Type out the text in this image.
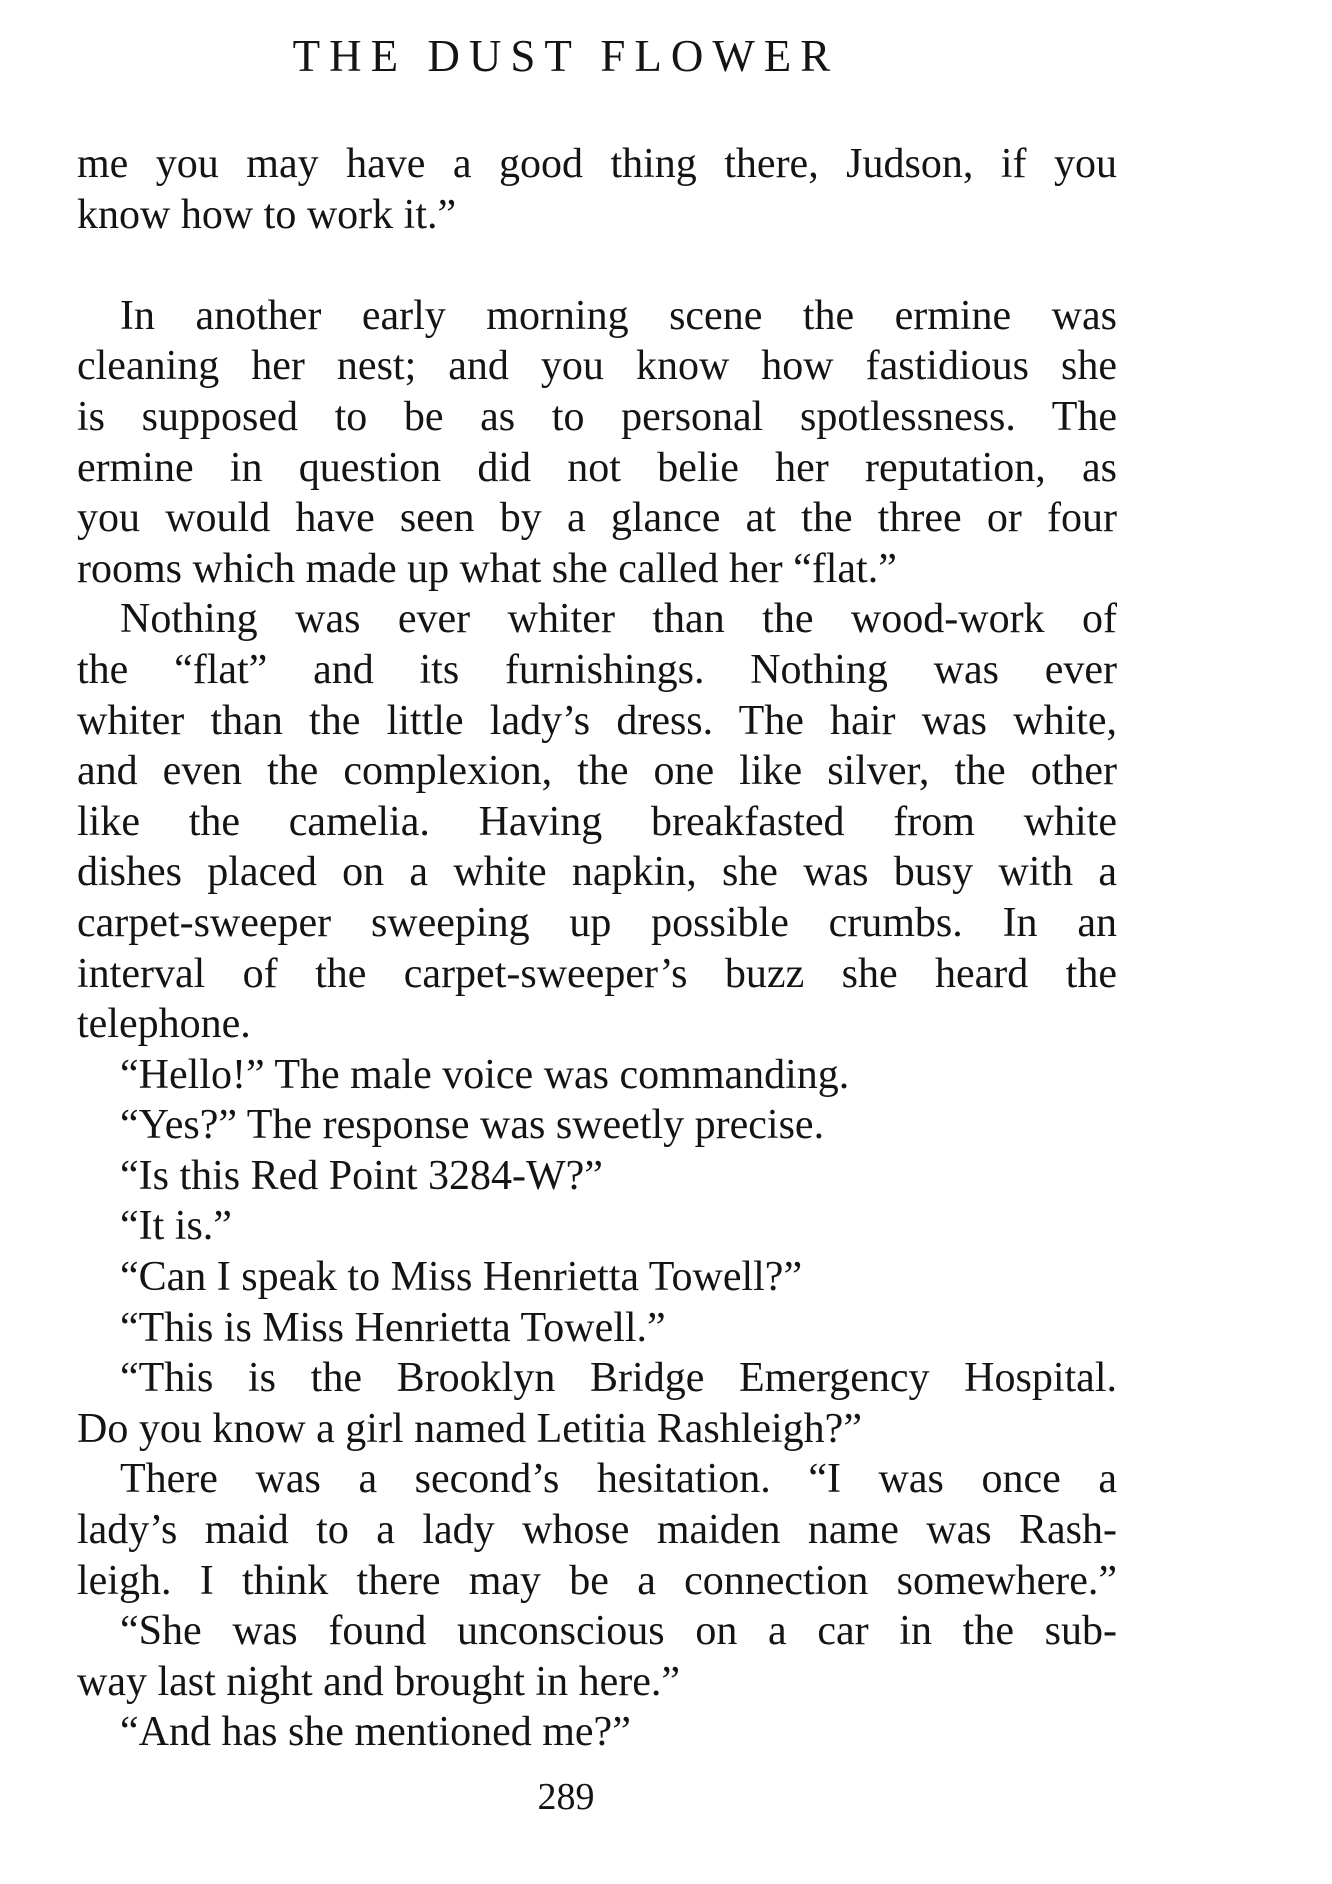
THE DUST FLOWER
me you may have a good thing there, Judson, if you
know how to work it.”
In another early morning scene the ermine was
cleaning her nest; and you know how fastidious she
is supposed to be as to personal spotlessness. The
ermine in question did not belie her reputation, as
you would have seen by a glance at the three or four
rooms which made up what she called her “flat.”
Nothing was ever whiter than the wood-work of
the “flat” and its furnishings. Nothing was ever
whiter than the little lady’s dress. The hair was white,
and even the complexion, the one like silver, the other
like the camelia. Having breakfasted from white
dishes placed on a white napkin, she was busy with a
carpet-sweeper sweeping up possible crumbs. In an
interval of the carpet-sweeper’s buzz she heard the
telephone.
“Hello!” The male voice was commanding.
“Yes?” The response was sweetly precise.
“Is this Red Point 3284-W?”
“It is.”
“Can I speak to Miss Henrietta Towell?”
“This is Miss Henrietta Towell.”
“This is the Brooklyn Bridge Emergency Hospital.
Do you know a girl named Letitia Rashleigh?”
There was a second’s hesitation. “I was once a
lady’s maid to a lady whose maiden name was Rash-
leigh. I think there may be a connection somewhere.”
“She was found unconscious on a car in the sub-
way last night and brought in here.”
“And has she mentioned me?”
289
